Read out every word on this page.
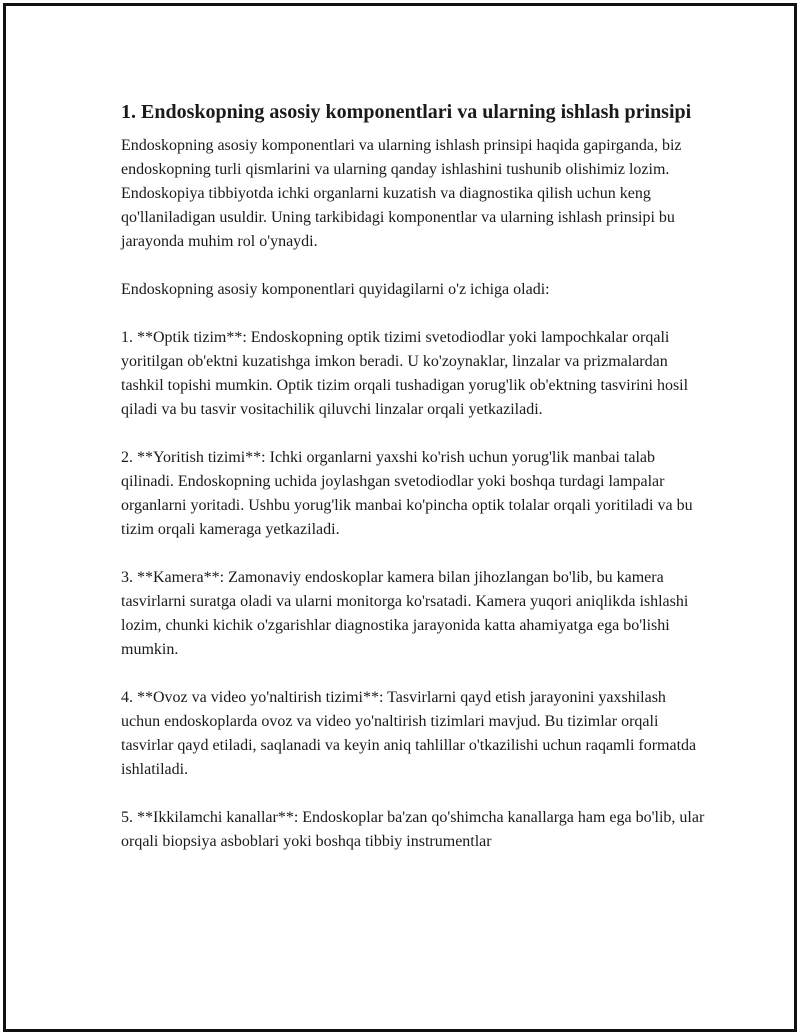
1. Endoskopning asosiy komponentlari va ularning ishlash prinsipi

Endoskopning asosiy komponentlari va ularning ishlash prinsipi haqida gapirganda, biz endoskopning turli qismlarini va ularning qanday ishlashini tushunib olishimiz lozim. Endoskopiya tibbiyotda ichki organlarni kuzatish va diagnostika qilish uchun keng qo'llaniladigan usuldir. Uning tarkibidagi komponentlar va ularning ishlash prinsipi bu jarayonda muhim rol o'ynaydi.

Endoskopning asosiy komponentlari quyidagilarni o'z ichiga oladi:

1. **Optik tizim**: Endoskopning optik tizimi svetodiodlar yoki lampochkalar orqali yoritilgan ob'ektni kuzatishga imkon beradi. U ko'zoynaklar, linzalar va prizmalardan tashkil topishi mumkin. Optik tizim orqali tushadigan yorug'lik ob'ektning tasvirini hosil qiladi va bu tasvir vositachilik qiluvchi linzalar orqali yetkaziladi.

2. **Yoritish tizimi**: Ichki organlarni yaxshi ko'rish uchun yorug'lik manbai talab qilinadi. Endoskopning uchida joylashgan svetodiodlar yoki boshqa turdagi lampalar organlarni yoritadi. Ushbu yorug'lik manbai ko'pincha optik tolalar orqali yoritiladi va bu tizim orqali kameraga yetkaziladi.

3. **Kamera**: Zamonaviy endoskoplar kamera bilan jihozlangan bo'lib, bu kamera tasvirlarni suratga oladi va ularni monitorga ko'rsatadi. Kamera yuqori aniqlikda ishlashi lozim, chunki kichik o'zgarishlar diagnostika jarayonida katta ahamiyatga ega bo'lishi mumkin.

4. **Ovoz va video yo'naltirish tizimi**: Tasvirlarni qayd etish jarayonini yaxshilash uchun endoskoplarda ovoz va video yo'naltirish tizimlari mavjud. Bu tizimlar orqali tasvirlar qayd etiladi, saqlanadi va keyin aniq tahlillar o'tkazilishi uchun raqamli formatda ishlatiladi.

5. **Ikkilamchi kanallar**: Endoskoplar ba'zan qo'shimcha kanallarga ham ega bo'lib, ular orqali biopsiya asboblari yoki boshqa tibbiy instrumentlar
